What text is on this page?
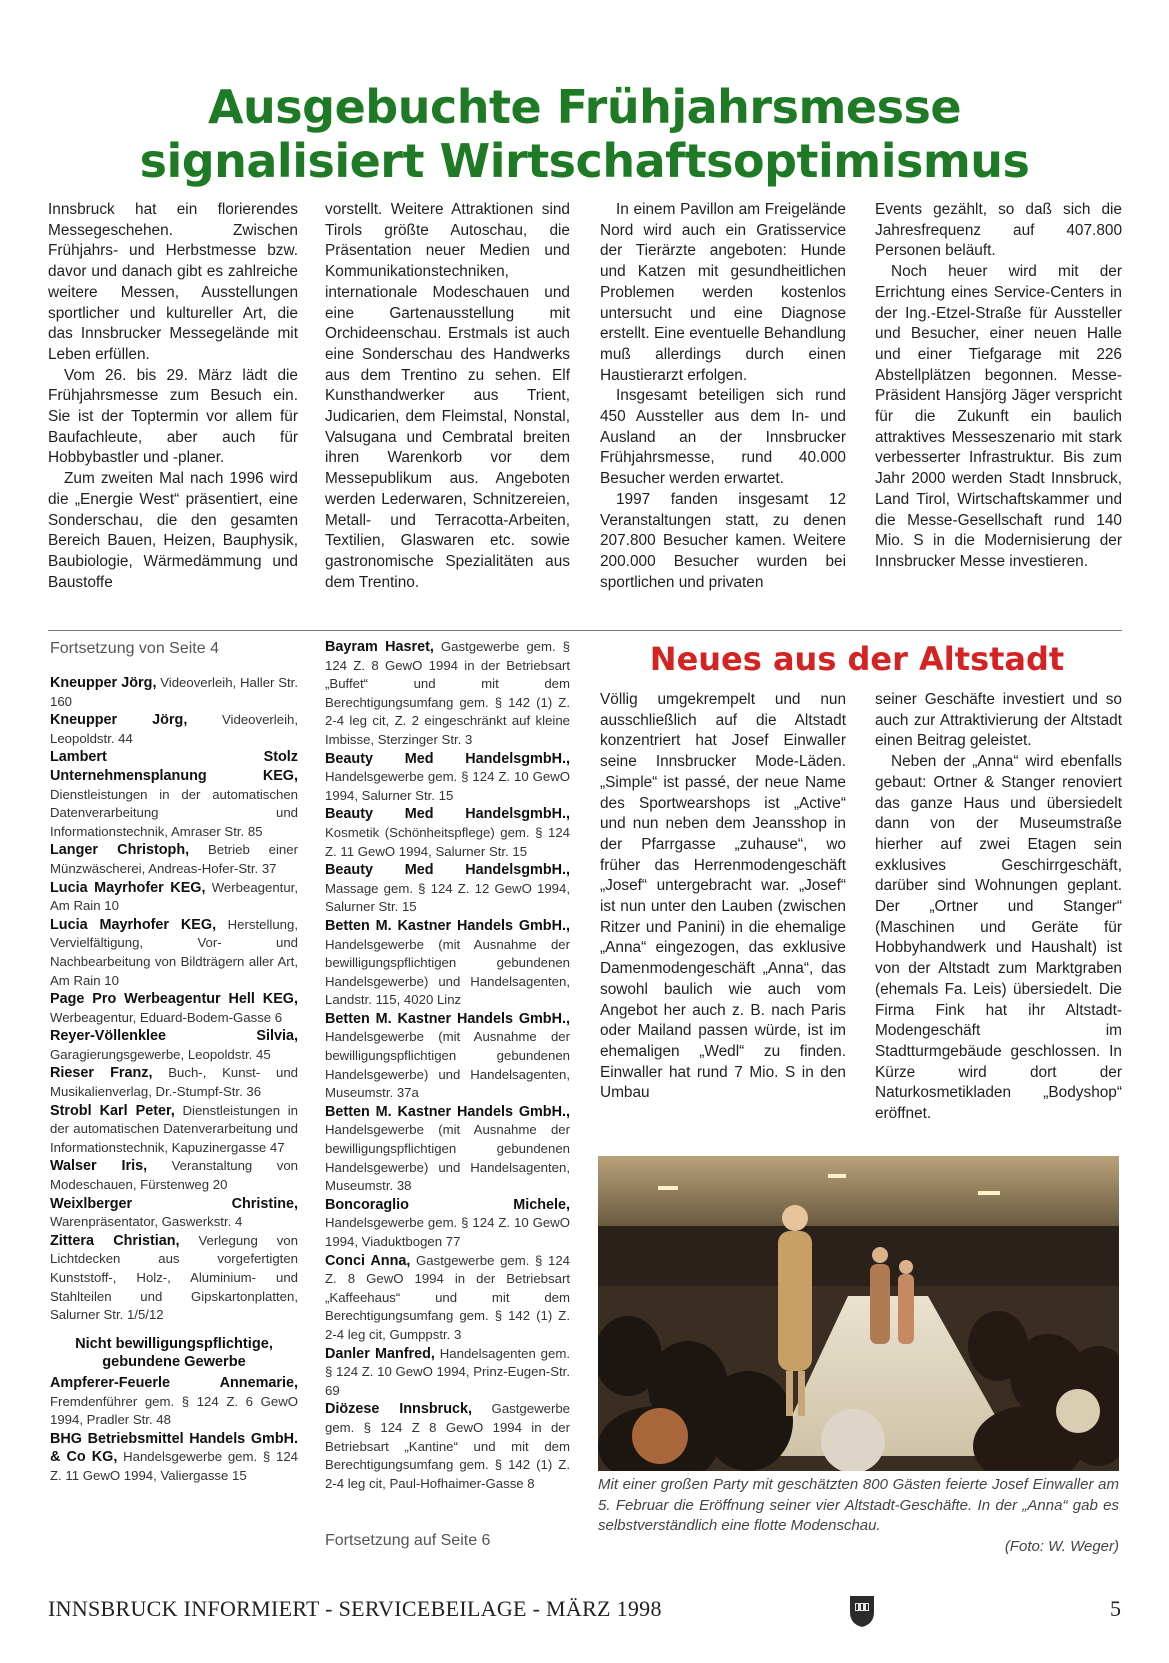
Ausgebuchte Frühjahrsmesse
signalisiert Wirtschaftsoptimismus

Innsbruck hat ein florierendes Messegeschehen. Zwischen Frühjahrs- und Herbstmesse bzw. davor und danach gibt es zahlreiche weitere Messen, Ausstellungen sportlicher und kultureller Art, die das Innsbrucker Messegelände mit Leben erfüllen.

Vom 26. bis 29. März lädt die Frühjahrsmesse zum Besuch ein. Sie ist der Toptermin vor allem für Baufachleute, aber auch für Hobbybastler und -planer.

Zum zweiten Mal nach 1996 wird die „Energie West“ präsentiert, eine Sonderschau, die den gesamten Bereich Bauen, Heizen, Bauphysik, Baubiologie, Wärmedämmung und Baustoffe

vorstellt. Weitere Attraktionen sind Tirols größte Autoschau, die Präsentation neuer Medien und Kommunikationstechniken, internationale Modeschauen und eine Gartenausstellung mit Orchideenschau. Erstmals ist auch eine Sonderschau des Handwerks aus dem Trentino zu sehen. Elf Kunsthandwerker aus Trient, Judicarien, dem Fleimstal, Nonstal, Valsugana und Cembratal breiten ihren Warenkorb vor dem Messepublikum aus. Angeboten werden Lederwaren, Schnitzereien, Metall- und Terracotta-Arbeiten, Textilien, Glaswaren etc. sowie gastronomische Spezialitäten aus dem Trentino.

In einem Pavillon am Freigelände Nord wird auch ein Gratisservice der Tierärzte angeboten: Hunde und Katzen mit gesundheitlichen Problemen werden kostenlos untersucht und eine Diagnose erstellt. Eine eventuelle Behandlung muß allerdings durch einen Haustierarzt erfolgen.

Insgesamt beteiligen sich rund 450 Aussteller aus dem In- und Ausland an der Innsbrucker Frühjahrsmesse, rund 40.000 Besucher werden erwartet.

1997 fanden insgesamt 12 Veranstaltungen statt, zu denen 207.800 Besucher kamen. Weitere 200.000 Besucher wurden bei sportlichen und privaten

Events gezählt, so daß sich die Jahresfrequenz auf 407.800 Personen beläuft.

Noch heuer wird mit der Errichtung eines Service-Centers in der Ing.-Etzel-Straße für Aussteller und Besucher, einer neuen Halle und einer Tiefgarage mit 226 Abstellplätzen begonnen. Messe-Präsident Hansjörg Jäger verspricht für die Zukunft ein baulich attraktives Messeszenario mit stark verbesserter Infrastruktur. Bis zum Jahr 2000 werden Stadt Innsbruck, Land Tirol, Wirtschaftskammer und die Messe-Gesellschaft rund 140 Mio. S in die Modernisierung der Innsbrucker Messe investieren.

Fortsetzung von Seite 4
Kneupper Jörg, Videoverleih, Haller Str. 160
Kneupper Jörg, Videoverleih, Leopoldstr. 44
Lambert Stolz Unternehmensplanung KEG, Dienstleistungen in der automatischen Datenverarbeitung und Informationstechnik, Amraser Str. 85
Langer Christoph, Betrieb einer Münzwäscherei, Andreas-Hofer-Str. 37
Lucia Mayrhofer KEG, Werbeagentur, Am Rain 10
Lucia Mayrhofer KEG, Herstellung, Vervielfältigung, Vor- und Nachbearbeitung von Bildträgern aller Art, Am Rain 10
Page Pro Werbeagentur Hell KEG, Werbeagentur, Eduard-Bodem-Gasse 6
Reyer-Völlenklee Silvia, Garagierungsgewerbe, Leopoldstr. 45
Rieser Franz, Buch-, Kunst- und Musikalienverlag, Dr.-Stumpf-Str. 36
Strobl Karl Peter, Dienstleistungen in der automatischen Datenverarbeitung und Informationstechnik, Kapuzinergasse 47
Walser Iris, Veranstaltung von Modeschauen, Fürstenweg 20
Weixlberger Christine, Warenpräsentator, Gaswerkstr. 4
Zittera Christian, Verlegung von Lichtdecken aus vorgefertigten Kunststoff-, Holz-, Aluminium- und Stahlteilen und Gipskartonplatten, Salurner Str. 1/5/12
Nicht bewilligungspflichtige, gebundene Gewerbe
Ampferer-Feuerle Annemarie, Fremdenführer gem. § 124 Z. 6 GewO 1994, Pradler Str. 48
BHG Betriebsmittel Handels GmbH. & Co KG, Handelsgewerbe gem. § 124 Z. 11 GewO 1994, Valiergasse 15
Bayram Hasret, Gastgewerbe gem. § 124 Z. 8 GewO 1994 in der Betriebsart „Buffet“ und mit dem Berechtigungsumfang gem. § 142 (1) Z. 2-4 leg cit, Z. 2 eingeschränkt auf kleine Imbisse, Sterzinger Str. 3
Beauty Med HandelsgmbH., Handelsgewerbe gem. § 124 Z. 10 GewO 1994, Salurner Str. 15
Beauty Med HandelsgmbH., Kosmetik (Schönheitspflege) gem. § 124 Z. 11 GewO 1994, Salurner Str. 15
Beauty Med HandelsgmbH., Massage gem. § 124 Z. 12 GewO 1994, Salurner Str. 15
Betten M. Kastner Handels GmbH., Handelsgewerbe (mit Ausnahme der bewilligungspflichtigen gebundenen Handelsgewerbe) und Handelsagenten, Landstr. 115, 4020 Linz
Betten M. Kastner Handels GmbH., Handelsgewerbe (mit Ausnahme der bewilligungspflichtigen gebundenen Handelsgewerbe) und Handelsagenten, Museumstr. 37a
Betten M. Kastner Handels GmbH., Handelsgewerbe (mit Ausnahme der bewilligungspflichtigen gebundenen Handelsgewerbe) und Handelsagenten, Museumstr. 38
Boncoraglio Michele, Handelsgewerbe gem. § 124 Z. 10 GewO 1994, Viaduktbogen 77
Conci Anna, Gastgewerbe gem. § 124 Z. 8 GewO 1994 in der Betriebsart „Kaffeehaus“ und mit dem Berechtigungsumfang gem. § 142 (1) Z. 2-4 leg cit, Gumppstr. 3
Danler Manfred, Handelsagenten gem. § 124 Z. 10 GewO 1994, Prinz-Eugen-Str. 69
Diözese Innsbruck, Gastgewerbe gem. § 124 Z 8 GewO 1994 in der Betriebsart „Kantine“ und mit dem Berechtigungsumfang gem. § 142 (1) Z. 2-4 leg cit, Paul-Hofhaimer-Gasse 8
Fortsetzung auf Seite 6
Neues aus der Altstadt

Völlig umgekrempelt und nun ausschließlich auf die Altstadt konzentriert hat Josef Einwaller seine Innsbrucker Mode-Läden. „Simple“ ist passé, der neue Name des Sportwearshops ist „Active“ und nun neben dem Jeansshop in der Pfarrgasse „zuhause“, wo früher das Herrenmodengeschäft „Josef“ untergebracht war. „Josef“ ist nun unter den Lauben (zwischen Ritzer und Panini) in die ehemalige „Anna“ eingezogen, das exklusive Damenmodengeschäft „Anna“, das sowohl baulich wie auch vom Angebot her auch z. B. nach Paris oder Mailand passen würde, ist im ehemaligen „Wedl“ zu finden. Einwaller hat rund 7 Mio. S in den Umbau

seiner Geschäfte investiert und so auch zur Attraktivierung der Altstadt einen Beitrag geleistet.

Neben der „Anna“ wird ebenfalls gebaut: Ortner & Stanger renoviert das ganze Haus und übersiedelt dann von der Museumstraße hierher auf zwei Etagen sein exklusives Geschirrgeschäft, darüber sind Wohnungen geplant. Der „Ortner und Stanger“ (Maschinen und Geräte für Hobbyhandwerk und Haushalt) ist von der Altstadt zum Marktgraben (ehemals Fa. Leis) übersiedelt. Die Firma Fink hat ihr Altstadt-Modengeschäft im Stadtturmgebäude geschlossen. In Kürze wird dort der Naturkosmetikladen „Bodyshop“ eröffnet.

Mit einer großen Party mit geschätzten 800 Gästen feierte Josef Einwaller am 5. Februar die Eröffnung seiner vier Altstadt-Geschäfte. In der „Anna“ gab es selbstverständlich eine flotte Modenschau.
(Foto: W. Weger)
INNSBRUCK INFORMIERT - SERVICEBEILAGE - MÄRZ 1998	5
